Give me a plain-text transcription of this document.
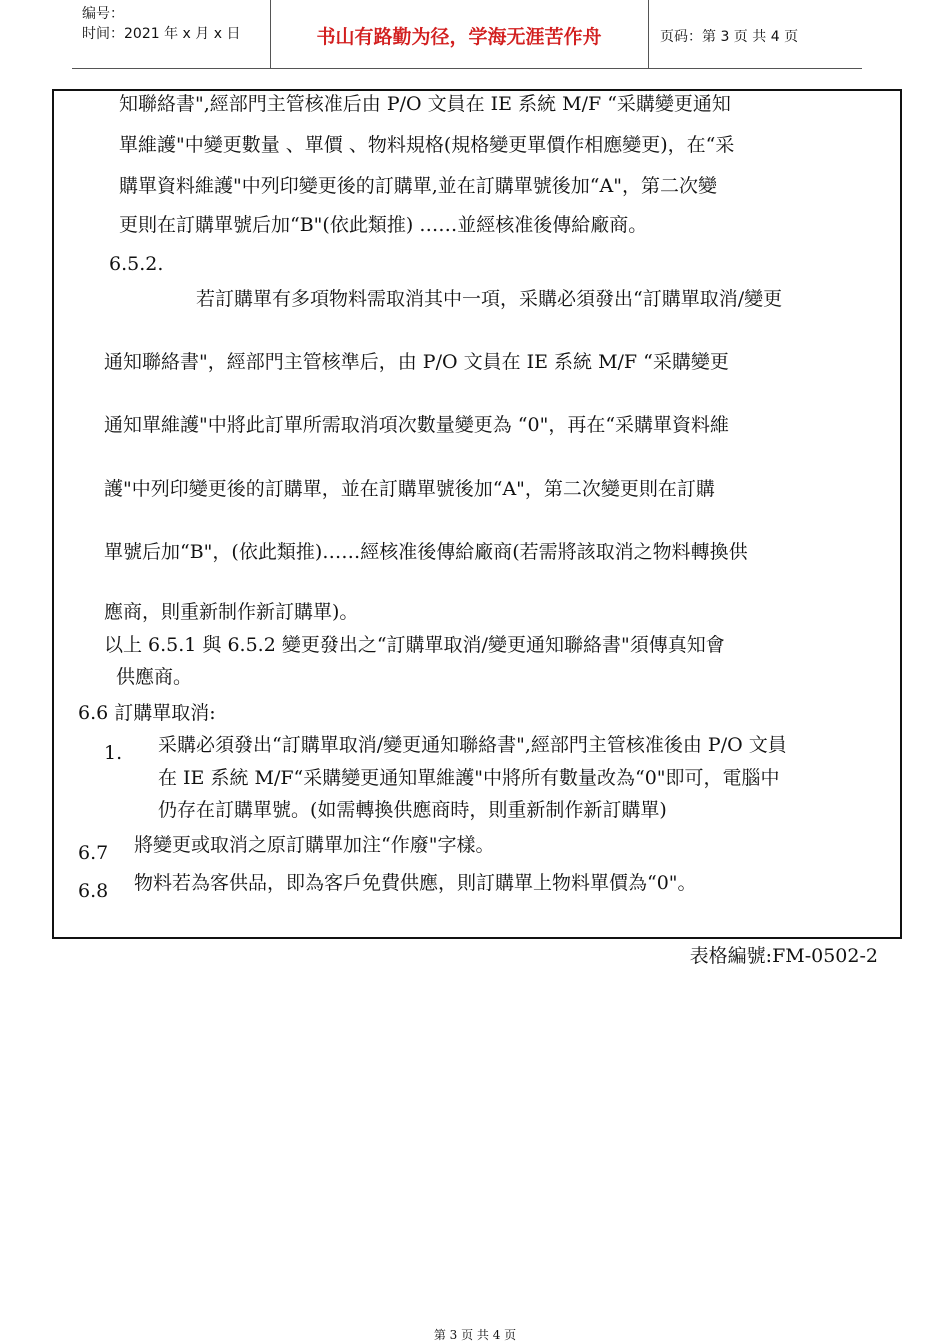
编号：
时间：2021 年 x 月 x 日	书山有路勤为径，学海无涯苦作舟	页码：第 3 页 共 4 页
知聯絡書",經部門主管核准后由 P/O 文員在 IE 系統 M/F “采購變更通知
單維護"中變更數量 、單價 、物料規格(規格變更單價作相應變更)，在“采
購單資料維護"中列印變更後的訂購單,並在訂購單號後加“A"，第二次變
更則在訂購單號后加“B"(依此類推) ……並經核准後傳給廠商。
6.5.2.
若訂購單有多項物料需取消其中一項，采購必須發出“訂購單取消/變更
通知聯絡書"，經部門主管核準后，由 P/O 文員在 IE 系統 M/F “采購變更
通知單維護"中將此訂單所需取消項次數量變更為 “0"，再在“采購單資料維
護"中列印變更後的訂購單，並在訂購單號後加“A"，第二次變更則在訂購
單號后加“B"，(依此類推)……經核准後傳給廠商(若需將該取消之物料轉換供
應商，則重新制作新訂購單)。
以上 6.5.1 與 6.5.2 變更發出之“訂購單取消/變更通知聯絡書"須傳真知會
供應商。
6.6 訂購單取消:
1. 采購必須發出“訂購單取消/變更通知聯絡書",經部門主管核准後由 P/O 文員
在 IE 系統 M/F“采購變更通知單維護"中將所有數量改為“0"即可，電腦中
仍存在訂購單號。(如需轉換供應商時，則重新制作新訂購單)
6.7 將變更或取消之原訂購單加注“作廢"字樣。
6.8 物料若為客供品，即為客戶免費供應，則訂購單上物料單價為“0"。
表格編號:FM-0502-2
第 3 页 共 4 页
